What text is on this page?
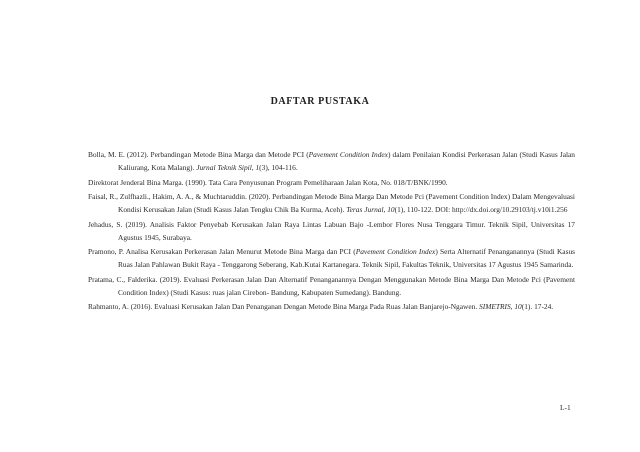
DAFTAR PUSTAKA

Bolla, M. E. (2012). Perbandingan Metode Bina Marga dan Metode PCI (Pavement Condition Index) dalam Penilaian Kondisi Perkerasan Jalan (Studi Kasus Jalan Kaliurang, Kota Malang). Jurnal Teknik Sipil, 1(3), 104-116.

Direktorat Jenderal Bina Marga. (1990). Tata Cara Penyusunan Program Pemeliharaan Jalan Kota, No. 018/T/BNK/1990.

Faisal, R., Zulfhazli., Hakim, A. A., & Muchtaruddin. (2020). Perbandingan Metode Bina Marga Dan Metode Pci (Pavement Condition Index) Dalam Mengevaluasi Kondisi Kerusakan Jalan (Studi Kasus Jalan Tengku Chik Ba Kurma, Aceh). Teras Jurnal, 10(1), 110-122. DOI: http://dx.doi.org/10.29103/tj.v10i1.256

Jehadus, S. (2019). Analisis Faktor Penyebab Kerusakan Jalan Raya Lintas Labuan Bajo -Lembor Flores Nusa Tenggara Timur. Teknik Sipil, Universitas 17 Agustus 1945, Surabaya.

Pramono, P. Analisa Kerusakan Perkerasan Jalan Menurut Metode Bina Marga dan PCI (Pavement Condition Index) Serta Alternatif Penanganannya (Studi Kasus Ruas Jalan Pahlawan Bukit Raya - Tenggarong Seberang, Kab.Kutai Kartanegara. Teknik Sipil, Fakultas Teknik, Universitas 17 Agustus 1945 Samarinda.

Pratama, C., Falderika. (2019). Evaluasi Perkerasan Jalan Dan Alternatif Penanganannya Dengan Menggunakan Metode Bina Marga Dan Metode Pci (Pavement Condition Index) (Studi Kasus: ruas jalan Cirebon- Bandung, Kabupaten Sumedang). Bandung.

Rahmanto, A. (2016). Evaluasi Kerusakan Jalan Dan Penanganan Dengan Metode Bina Marga Pada Ruas Jalan Banjarejo-Ngawen. SIMETRIS, 10(1). 17-24.

L-1
